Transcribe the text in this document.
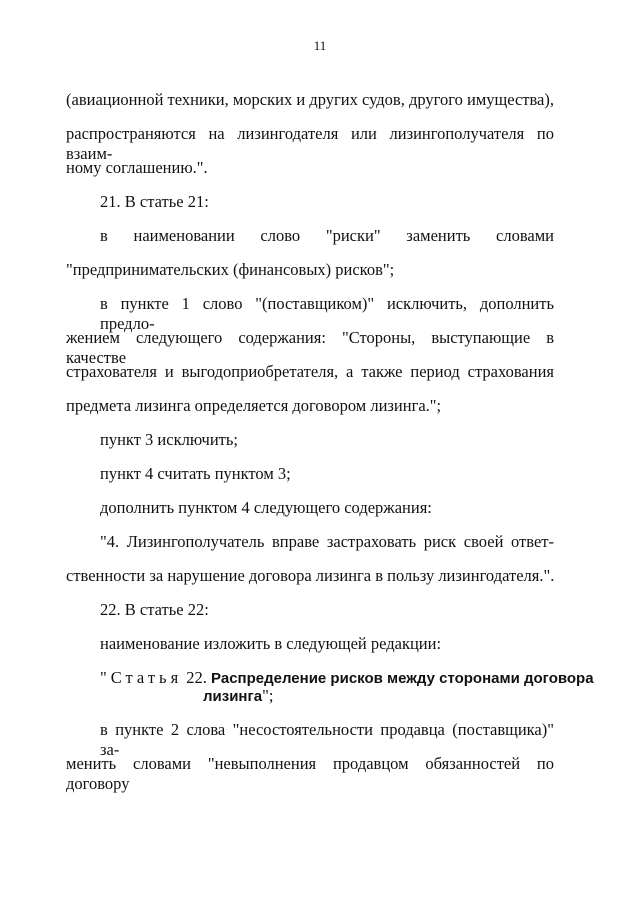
11
(авиационной техники, морских и других судов, другого имущества),
распространяются на лизингодателя или лизингополучателя по взаим-
ному соглашению.".
21. В статье 21:
в наименовании слово "риски" заменить словами
"предпринимательских (финансовых) рисков";
в пункте 1 слово "(поставщиком)" исключить, дополнить предло-
жением следующего содержания: "Стороны, выступающие в качестве
страхователя и выгодоприобретателя, а также период страхования
предмета лизинга определяется договором лизинга.";
пункт 3 исключить;
пункт 4 считать пунктом 3;
дополнить пунктом 4 следующего содержания:
"4. Лизингополучатель вправе застраховать риск своей ответ-
ственности за нарушение договора лизинга в пользу лизингодателя.".
22. В статье 22:
наименование изложить в следующей редакции:
"Статья 22. Распределение рисков между сторонами договора
лизинга";
в пункте 2 слова "несостоятельности продавца (поставщика)" за-
менить словами "невыполнения продавцом обязанностей по договору
